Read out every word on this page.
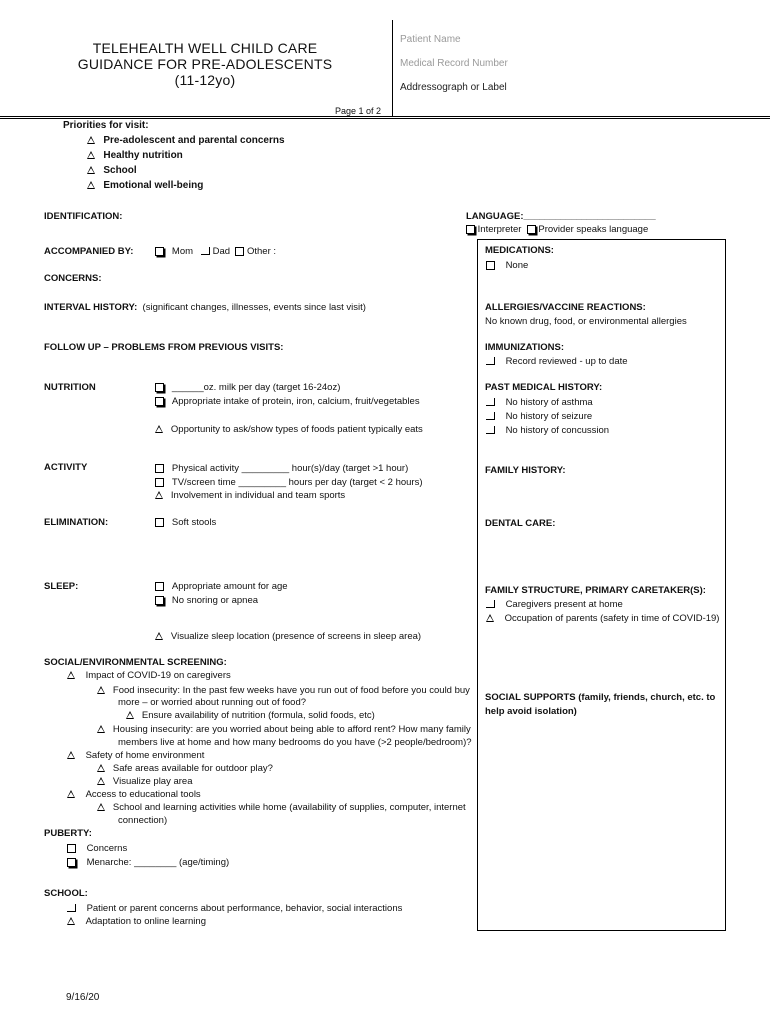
TELEHEALTH WELL CHILD CARE
GUIDANCE FOR PRE-ADOLESCENTS
(11-12yo)
Patient Name
Medical Record Number
Addressograph or Label
Page 1 of 2
Priorities for visit:
Pre-adolescent and parental concerns
Healthy nutrition
School
Emotional well-being
IDENTIFICATION:
ACCOMPANIED BY:	Mom Dad Other :
CONCERNS:
INTERVAL HISTORY: (significant changes, illnesses, events since last visit)
FOLLOW UP – PROBLEMS FROM PREVIOUS VISITS:
NUTRITION	______oz. milk per day (target 16-24oz)
Appropriate intake of protein, iron, calcium, fruit/vegetables
Opportunity to ask/show types of foods patient typically eats
ACTIVITY	Physical activity _________ hour(s)/day (target >1 hour)
TV/screen time _________ hours per day (target < 2 hours)
Involvement in individual and team sports
ELIMINATION:	Soft stools
SLEEP:	Appropriate amount for age
No snoring or apnea
Visualize sleep location (presence of screens in sleep area)
SOCIAL/ENVIRONMENTAL SCREENING:
Impact of COVID-19 on caregivers
Food insecurity: In the past few weeks have you run out of food before you could buy
more – or worried about running out of food?
Ensure availability of nutrition (formula, solid foods, etc)
Housing insecurity: are you worried about being able to afford rent? How many family
members live at home and how many bedrooms do you have (>2 people/bedroom)?
Safety of home environment
Safe areas available for outdoor play?
Visualize play area
Access to educational tools
School and learning activities while home (availability of supplies, computer, internet
connection)
PUBERTY:
Concerns
Menarche: ________ (age/timing)
SCHOOL:
Patient or parent concerns about performance, behavior, social interactions
Adaptation to online learning
LANGUAGE:_________________________
Interpreter Provider speaks language
MEDICATIONS:
None
ALLERGIES/VACCINE REACTIONS:
No known drug, food, or environmental allergies
IMMUNIZATIONS:
Record reviewed - up to date
PAST MEDICAL HISTORY:
No history of asthma
No history of seizure
No history of concussion
FAMILY HISTORY:
DENTAL CARE:
FAMILY STRUCTURE, PRIMARY CARETAKER(S):
Caregivers present at home
Occupation of parents (safety in time of COVID-19)
SOCIAL SUPPORTS (family, friends, church, etc. to
help avoid isolation)
9/16/20
